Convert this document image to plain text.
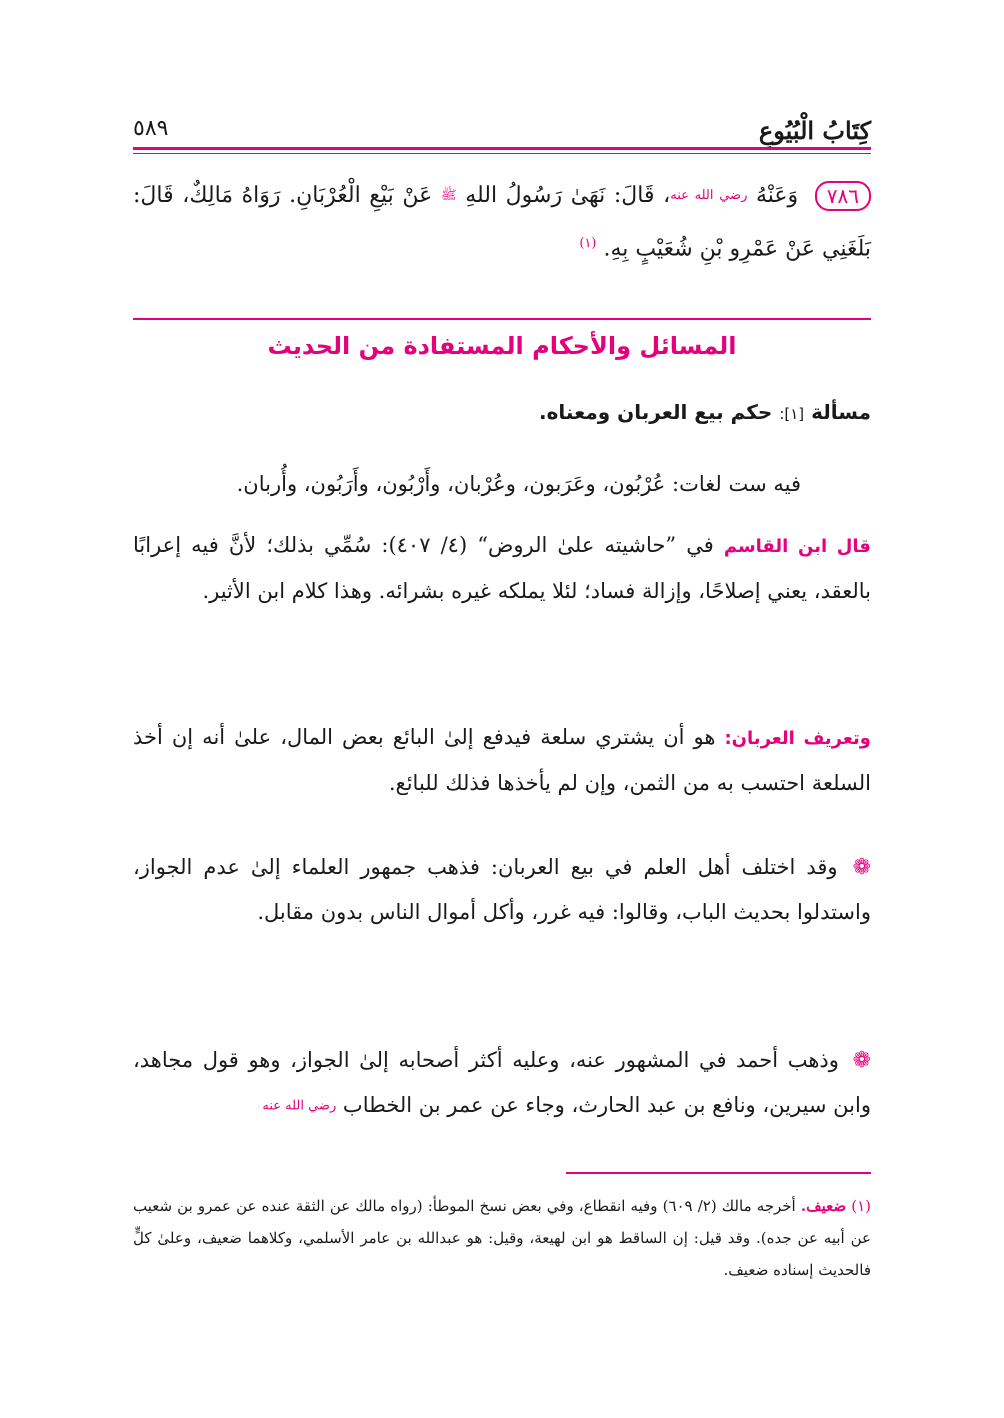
كِتَابُ الْبُيُوعِ
٥٨٩
٧٨٦ وَعَنْهُ رضي الله عنه، قَالَ: نَهَىٰ رَسُولُ اللهِ ﷺ عَنْ بَيْعِ الْعُرْبَانِ. رَوَاهُ مَالِكٌ، قَالَ: بَلَغَنِي عَنْ عَمْرِو بْنِ شُعَيْبٍ بِهِ. $^{(١)}$
المسائل والأحكام المستفادة من الحديث
مسألة [١]: حكم بيع العربان ومعناه.
فيه ست لغات: عُرْبُون، وعَرَبون، وعُرْبان، وأَرْبُون، وأَرَبُون، وأُربان.
قال ابن القاسم في ”حاشيته علىٰ الروض“ (٤/ ٤٠٧): سُمِّي بذلك؛ لأنَّ فيه إعرابًا بالعقد، يعني إصلاحًا، وإزالة فساد؛ لئلا يملكه غيره بشرائه. وهذا كلام ابن الأثير.
وتعريف العربان: هو أن يشتري سلعة فيدفع إلىٰ البائع بعض المال، علىٰ أنه إن أخذ السلعة احتسب به من الثمن، وإن لم يأخذها فذلك للبائع.
❁ وقد اختلف أهل العلم في بيع العربان: فذهب جمهور العلماء إلىٰ عدم الجواز، واستدلوا بحديث الباب، وقالوا: فيه غرر، وأكل أموال الناس بدون مقابل.
❁ وذهب أحمد في المشهور عنه، وعليه أكثر أصحابه إلىٰ الجواز، وهو قول مجاهد، وابن سيرين، ونافع بن عبد الحارث، وجاء عن عمر بن الخطاب رضي الله عنه
(١) ضعيف. أخرجه مالك (٢/ ٦٠٩) وفيه انقطاع، وفي بعض نسخ الموطأ: (رواه مالك عن الثقة عنده عن عمرو بن شعيب عن أبيه عن جده). وقد قيل: إن الساقط هو ابن لهيعة، وقيل: هو عبدالله بن عامر الأسلمي، وكلاهما ضعيف، وعلىٰ كلٍّ فالحديث إسناده ضعيف.
